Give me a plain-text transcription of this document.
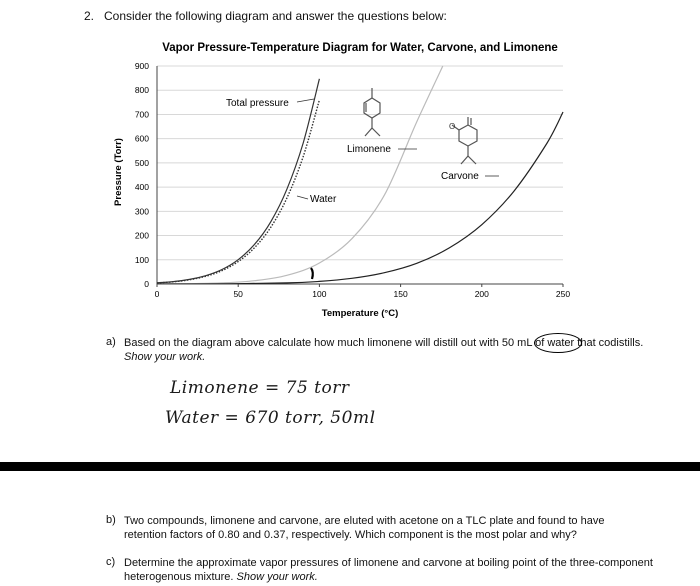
2. Consider the following diagram and answer the questions below:
Vapor Pressure-Temperature Diagram for Water, Carvone, and Limonene
0
100
200
300
400
500
600
700
800
900
0	50	100	150	200	250
Total pressure
Water
Limonene
Carvone
Temperature (°C)
Pressure (Torr)
O
a) Based on the diagram above calculate how much limonene will distill out with 50 mL of water that codistills. Show your work.
Limonene = 75 torr
Water = 670 torr, 50ml
b) Two compounds, limonene and carvone, are eluted with acetone on a TLC plate and found to have retention factors of 0.80 and 0.37, respectively. Which component is the most polar and why?
c) Determine the approximate vapor pressures of limonene and carvone at boiling point of the three-component heterogenous mixture. Show your work.
